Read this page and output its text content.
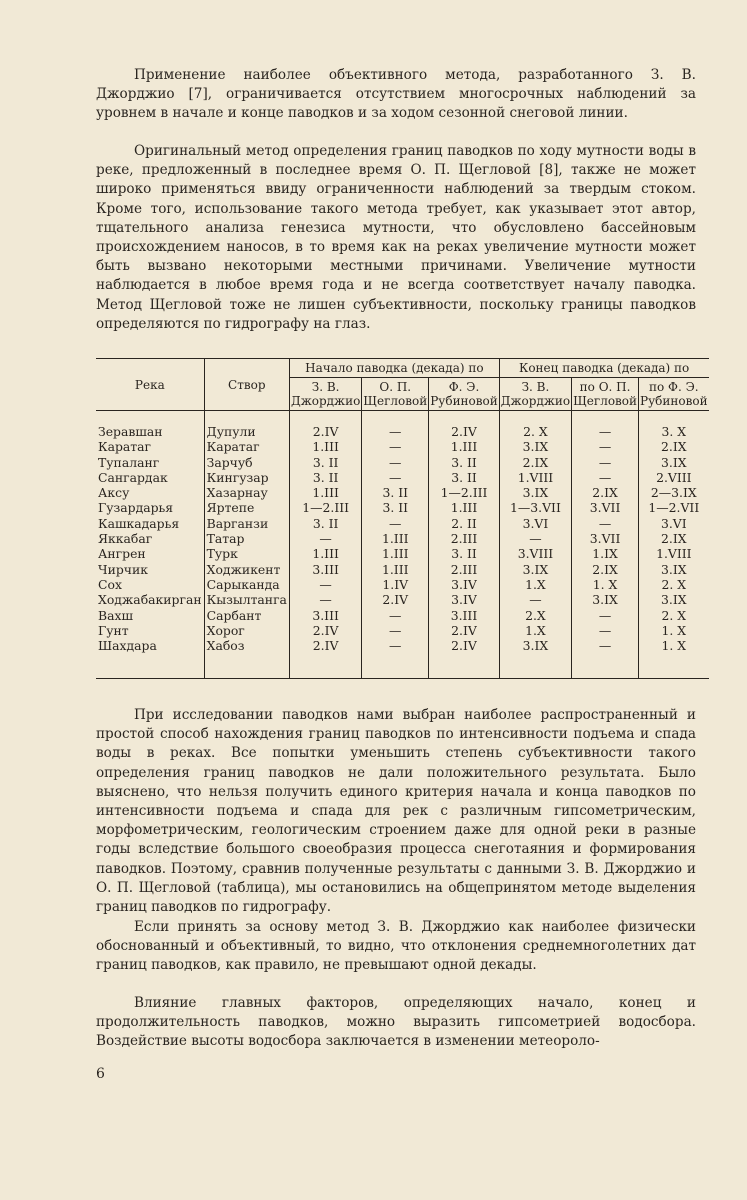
Применение наиболее объективного метода, разработанного З. В. Джорджио [7], ограничивается отсутствием многосрочных наблюдений за уровнем в начале и конце паводков и за ходом сезонной снеговой линии.

Оригинальный метод определения границ паводков по ходу мутности воды в реке, предложенный в последнее время О. П. Щегловой [8], также не может широко применяться ввиду ограниченности наблюдений за твердым стоком. Кроме того, использование такого метода требует, как указывает этот автор, тщательного анализа генезиса мутности, что обусловлено бассейновым происхождением наносов, в то время как на реках увеличение мутности может быть вызвано некоторыми местными причинами. Увеличение мутности наблюдается в любое время года и не всегда соответствует началу паводка. Метод Щегловой тоже не лишен субъективности, поскольку границы паводков определяются по гидрографу на глаз.

Река	Створ	Начало паводка (декада) по			Конец паводка (декада) по		
		З. В. Джорджио	О. П. Щегловой	Ф. Э. Рубиновой	З. В. Джорджио	по О. П. Щегловой	по Ф. Э. Рубиновой
Зеравшан	Дупули	2.IV	—	2.IV	2. X	—	3. X
Каратаг	Каратаг	1.III	—	1.III	3.IX	—	2.IX
Тупаланг	Зарчуб	3. II	—	3. II	2.IX	—	3.IX
Сангардак	Кингузар	3. II	—	3. II	1.VIII	—	2.VIII
Аксу	Хазарнау	1.III	3. II	1—2.III	3.IX	2.IX	2—3.IX
Гузардарья	Яртепе	1—2.III	3. II	1.III	1—3.VII	3.VII	1—2.VII
Кашкадарья	Варганзи	3. II	—	2. II	3.VI	—	3.VI
Яккабаг	Татар	—	1.III	2.III	—	3.VII	2.IX
Ангрен	Турк	1.III	1.III	3. II	3.VIII	1.IX	1.VIII
Чирчик	Ходжикент	3.III	1.III	2.III	3.IX	2.IX	3.IX
Сох	Сарыканда	—	1.IV	3.IV	1.X	1. X	2. X
Ходжабакирган	Кызылтанга	—	2.IV	3.IV	—	3.IX	3.IX
Вахш	Сарбант	3.III	—	3.III	2.X	—	2. X
Гунт	Хорог	2.IV	—	2.IV	1.X	—	1. X
Шахдара	Хабоз	2.IV	—	2.IV	3.IX	—	1. X

При исследовании паводков нами выбран наиболее распространенный и простой способ нахождения границ паводков по интенсивности подъема и спада воды в реках. Все попытки уменьшить степень субъективности такого определения границ паводков не дали положительного результата. Было выяснено, что нельзя получить единого критерия начала и конца паводков по интенсивности подъема и спада для рек с различным гипсометрическим, морфометрическим, геологическим строением даже для одной реки в разные годы вследствие большого своеобразия процесса снеготаяния и формирования паводков. Поэтому, сравнив полученные результаты с данными З. В. Джорджио и О. П. Щегловой (таблица), мы остановились на общепринятом методе выделения границ паводков по гидрографу.

Если принять за основу метод З. В. Джорджио как наиболее физически обоснованный и объективный, то видно, что отклонения среднемноголетних дат границ паводков, как правило, не превышают одной декады.

Влияние главных факторов, определяющих начало, конец и продолжительность паводков, можно выразить гипсометрией водосбора. Воздействие высоты водосбора заключается в изменении метеороло-

6
